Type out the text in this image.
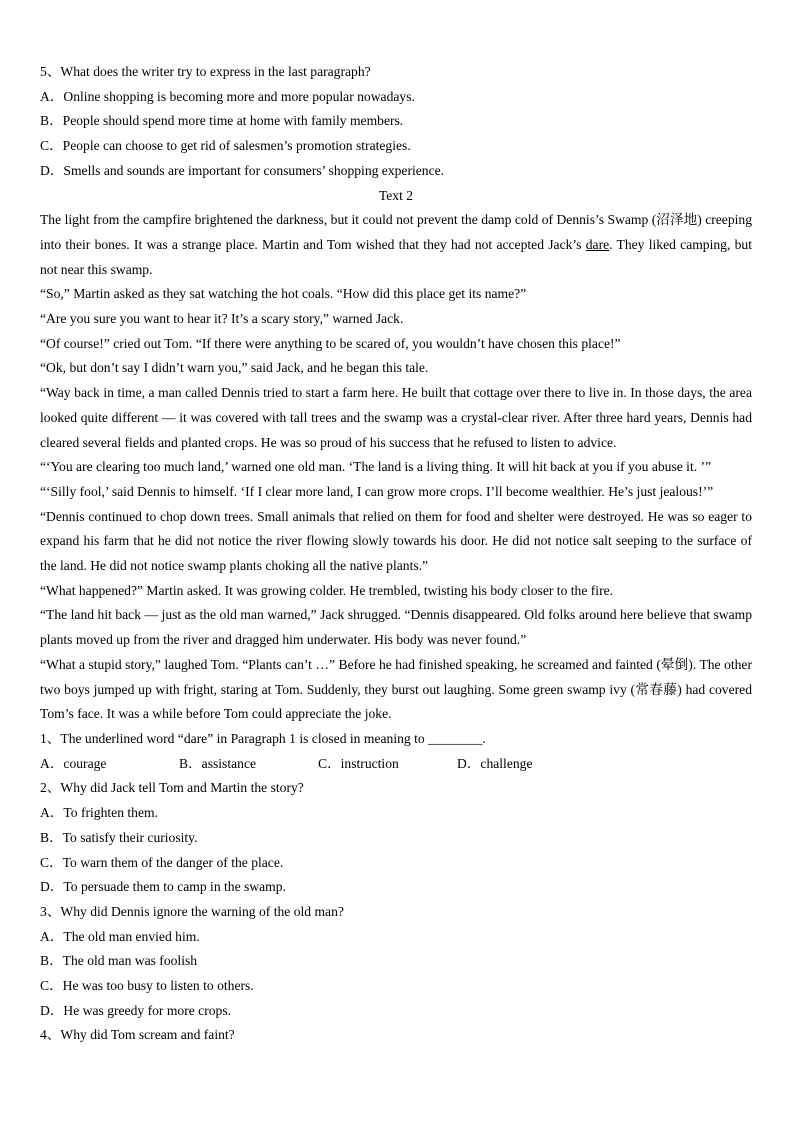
5、What does the writer try to express in the last paragraph?

A．Online shopping is becoming more and more popular nowadays.

B．People should spend more time at home with family members.

C．People can choose to get rid of salesmen’s promotion strategies.

D．Smells and sounds are important for consumers’ shopping experience.

Text 2

The light from the campfire brightened the darkness, but it could not prevent the damp cold of Dennis’s Swamp (沼泽地) creeping into their bones. It was a strange place. Martin and Tom wished that they had not accepted Jack’s dare. They liked camping, but not near this swamp.

“So,” Martin asked as they sat watching the hot coals. “How did this place get its name?”

“Are you sure you want to hear it? It’s a scary story,” warned Jack.

“Of course!” cried out Tom. “If there were anything to be scared of, you wouldn’t have chosen this place!”

“Ok, but don’t say I didn’t warn you,” said Jack, and he began this tale.

“Way back in time, a man called Dennis tried to start a farm here. He built that cottage over there to live in. In those days, the area looked quite different — it was covered with tall trees and the swamp was a crystal-clear river. After three hard years, Dennis had cleared several fields and planted crops. He was so proud of his success that he refused to listen to advice.

“‘You are clearing too much land,’ warned one old man. ‘The land is a living thing. It will hit back at you if you abuse it. ’”

“‘Silly fool,’ said Dennis to himself. ‘If I clear more land, I can grow more crops. I’ll become wealthier. He’s just jealous!’”

“Dennis continued to chop down trees. Small animals that relied on them for food and shelter were destroyed. He was so eager to expand his farm that he did not notice the river flowing slowly towards his door. He did not notice salt seeping to the surface of the land. He did not notice swamp plants choking all the native plants.”

“What happened?” Martin asked. It was growing colder. He trembled, twisting his body closer to the fire.

“The land hit back — just as the old man warned,” Jack shrugged. “Dennis disappeared. Old folks around here believe that swamp plants moved up from the river and dragged him underwater. His body was never found.”

“What a stupid story,” laughed Tom. “Plants can’t …” Before he had finished speaking, he screamed and fainted (晕倒). The other two boys jumped up with fright, staring at Tom. Suddenly, they burst out laughing. Some green swamp ivy (常春藤) had covered Tom’s face. It was a while before Tom could appreciate the joke.

1、The underlined word “dare” in Paragraph 1 is closed in meaning to ________.

A．courage	B．assistance	C．instruction	D．challenge

2、Why did Jack tell Tom and Martin the story?

A．To frighten them.

B．To satisfy their curiosity.

C．To warn them of the danger of the place.

D．To persuade them to camp in the swamp.

3、Why did Dennis ignore the warning of the old man?

A．The old man envied him.

B．The old man was foolish

C．He was too busy to listen to others.

D．He was greedy for more crops.

4、Why did Tom scream and faint?
